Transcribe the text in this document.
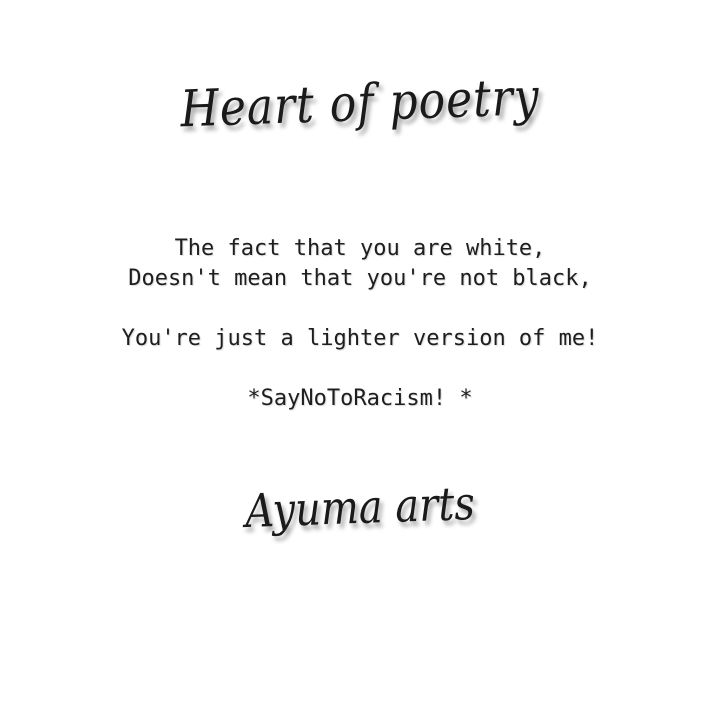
Heart of poetry
The fact that you are white,
Doesn't mean that you're not black,
You're just a lighter version of me!
*SayNoToRacism! *
Ayuma arts
